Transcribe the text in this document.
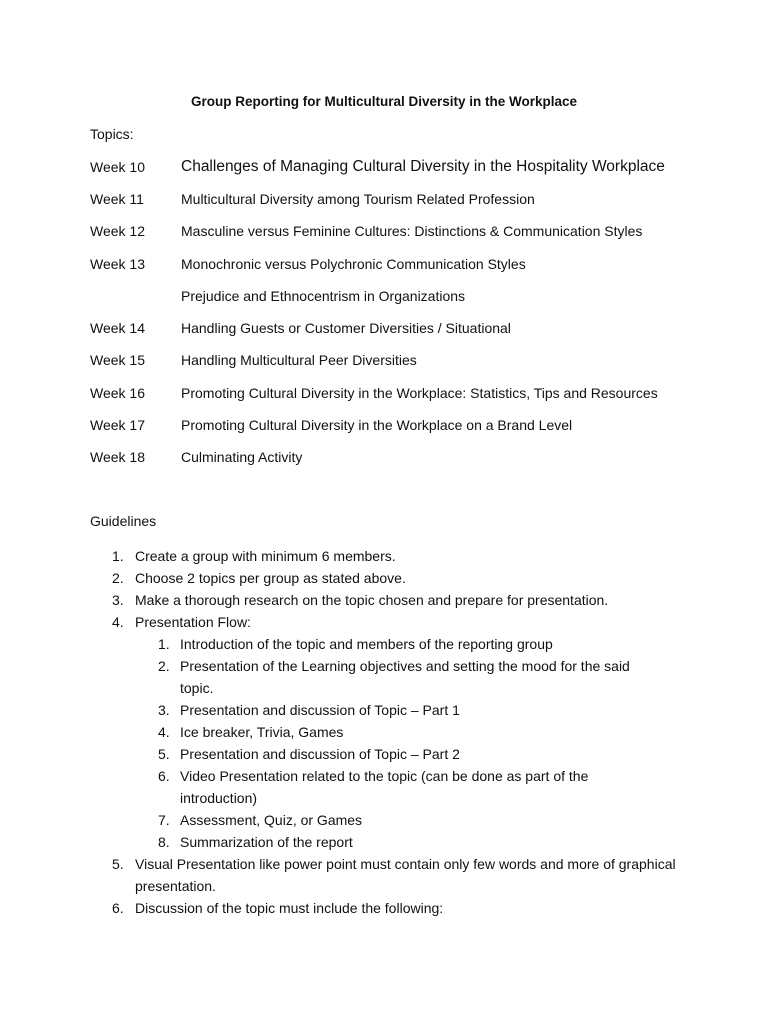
Group Reporting for Multicultural Diversity in the Workplace
Topics:
Week 10	Challenges of Managing Cultural Diversity in the Hospitality Workplace
Week 11	Multicultural Diversity among Tourism Related Profession
Week 12	Masculine versus Feminine Cultures: Distinctions & Communication Styles
Week 13	Monochronic versus Polychronic Communication Styles
Prejudice and Ethnocentrism in Organizations
Week 14	Handling Guests or Customer Diversities / Situational
Week 15	Handling Multicultural Peer Diversities
Week 16	Promoting Cultural Diversity in the Workplace: Statistics, Tips and Resources
Week 17	Promoting Cultural Diversity in the Workplace on a Brand Level
Week 18	Culminating Activity
Guidelines
1. Create a group with minimum 6 members.
2. Choose 2 topics per group as stated above.
3. Make a thorough research on the topic chosen and prepare for presentation.
4. Presentation Flow:
1. Introduction of the topic and members of the reporting group
2. Presentation of the Learning objectives and setting the mood for the said topic.
3. Presentation and discussion of Topic – Part 1
4. Ice breaker, Trivia, Games
5. Presentation and discussion of Topic – Part 2
6. Video Presentation related to the topic (can be done as part of the introduction)
7. Assessment, Quiz, or Games
8. Summarization of the report
5. Visual Presentation like power point must contain only few words and more of graphical presentation.
6. Discussion of the topic must include the following:
